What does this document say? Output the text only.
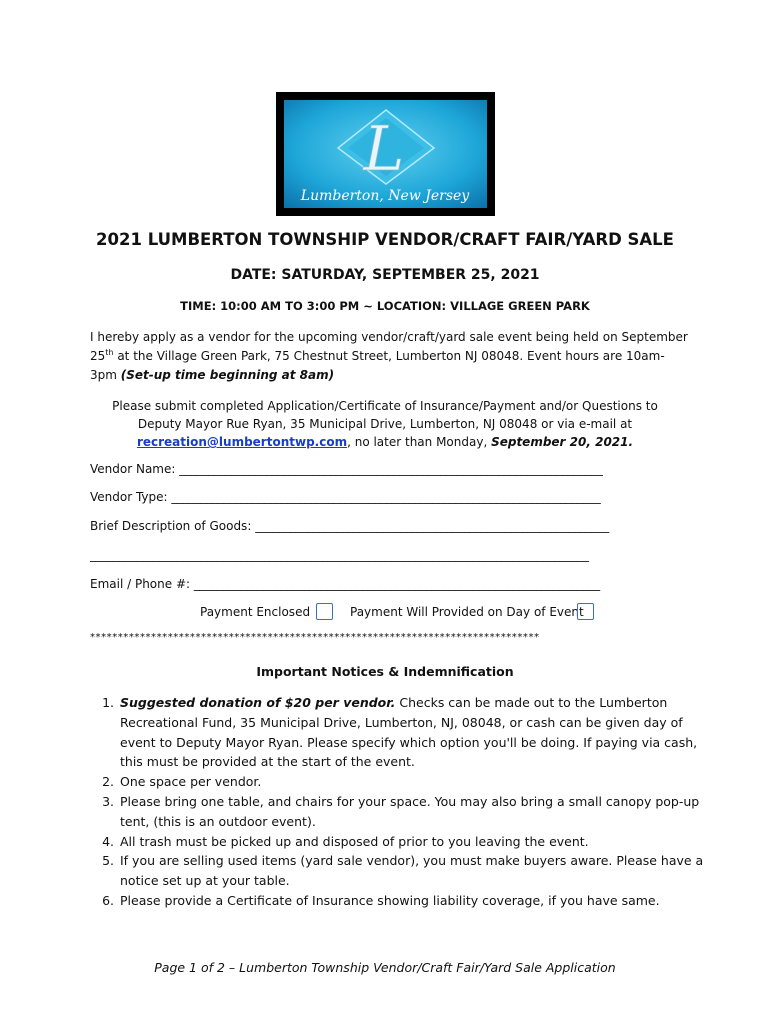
L
Lumberton, New Jersey
2021 LUMBERTON TOWNSHIP VENDOR/CRAFT FAIR/YARD SALE
DATE: SATURDAY, SEPTEMBER 25, 2021
TIME: 10:00 AM TO 3:00 PM ~ LOCATION: VILLAGE GREEN PARK
I hereby apply as a vendor for the upcoming vendor/craft/yard sale event being held on September 25th at the Village Green Park, 75 Chestnut Street, Lumberton NJ 08048. Event hours are 10am-3pm (Set-up time beginning at 8am)
Please submit completed Application/Certificate of Insurance/Payment and/or Questions to
Deputy Mayor Rue Ryan, 35 Municipal Drive, Lumberton, NJ 08048 or via e-mail at
recreation@lumbertontwp.com, no later than Monday, September 20, 2021.
Vendor Name: _________________________________________________________________________
Vendor Type: __________________________________________________________________________
Brief Description of Goods: _____________________________________________________________
______________________________________________________________________________________
Email / Phone #: ______________________________________________________________________
Payment Enclosed	Payment Will Provided on Day of Event
*********************************************************************************
Important Notices & Indemnification
1. Suggested donation of $20 per vendor. Checks can be made out to the Lumberton Recreational Fund, 35 Municipal Drive, Lumberton, NJ, 08048, or cash can be given day of event to Deputy Mayor Ryan. Please specify which option you'll be doing. If paying via cash, this must be provided at the start of the event.
2. One space per vendor.
3. Please bring one table, and chairs for your space. You may also bring a small canopy pop-up tent, (this is an outdoor event).
4. All trash must be picked up and disposed of prior to you leaving the event.
5. If you are selling used items (yard sale vendor), you must make buyers aware. Please have a notice set up at your table.
6. Please provide a Certificate of Insurance showing liability coverage, if you have same.
Page 1 of 2 – Lumberton Township Vendor/Craft Fair/Yard Sale Application
